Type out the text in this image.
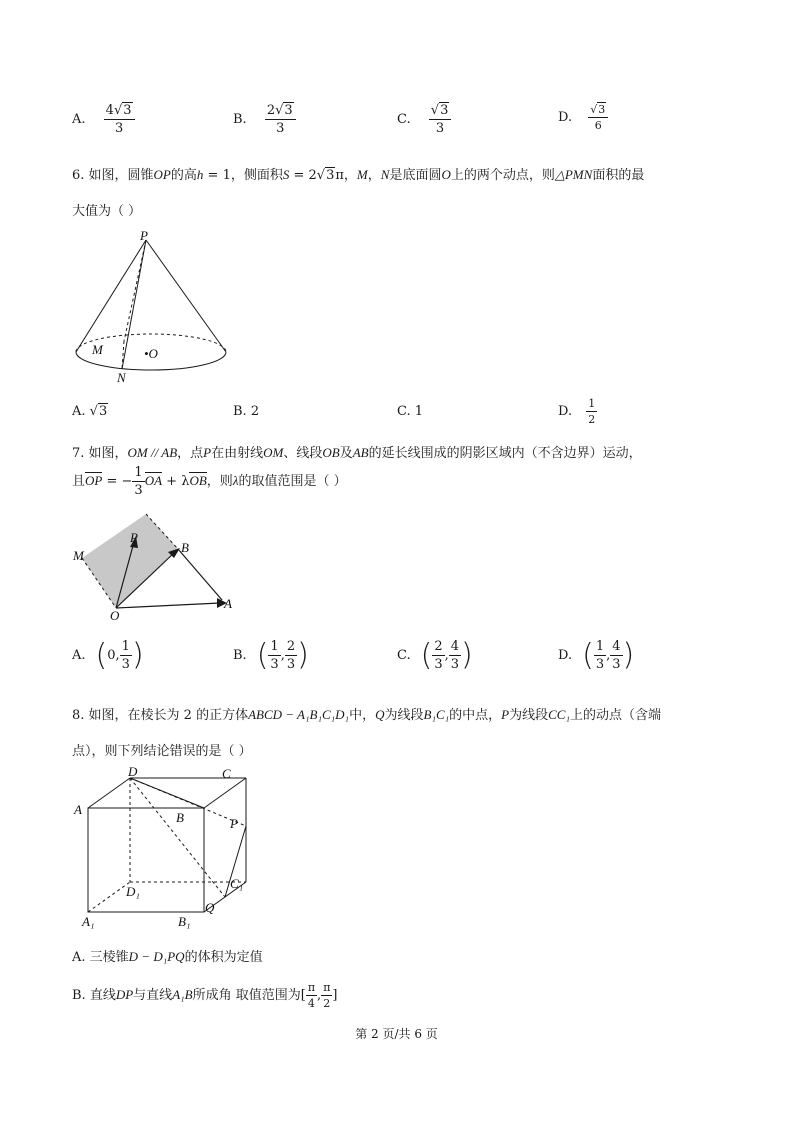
A. $\frac{4√3}{3}$	B. $\frac{2√3}{3}$	C. $\frac{√3}{3}$	D. $\frac{√3}{6}$
6. 如图，圆锥OP的高h = 1，侧面积S = 2√3π，M，N是底面圆O上的两个动点，则△PMN面积的最
大值为（ ）
P
M	•O
N
A. √3	B. 2	C. 1	D. $\frac{1}{2}$
7. 如图，OM // AB，点P在由射线OM、线段OB及AB的延长线围成的阴影区域内（不含边界）运动，
且OP = − $\frac{1}{3}$ OA + λOB，则λ的取值范围是（ ）
M
P
B
O
A
A. (0, $\frac{1}{3}$ )	B. ( $\frac{1}{3}$ , $\frac{2}{3}$ )	C. ( $\frac{2}{3}$ , $\frac{4}{3}$ )	D. ( $\frac{1}{3}$ , $\frac{4}{3}$ )
8. 如图，在棱长为 2 的正方体ABCD − A₁B₁C₁D₁中，Q为线段B₁C₁的中点，P为线段CC₁上的动点（含端
点），则下列结论错误的是（ ）
D	C
A
B	P
D₁
C₁
A₁	B₁
Q
A. 三棱锥D − D₁PQ的体积为定值
B. 直线DP与直线A₁B所成角 取值范围为[ $\frac{\pi}{4}$ , $\frac{\pi}{2}$ ]
第 2 页/共 6 页
